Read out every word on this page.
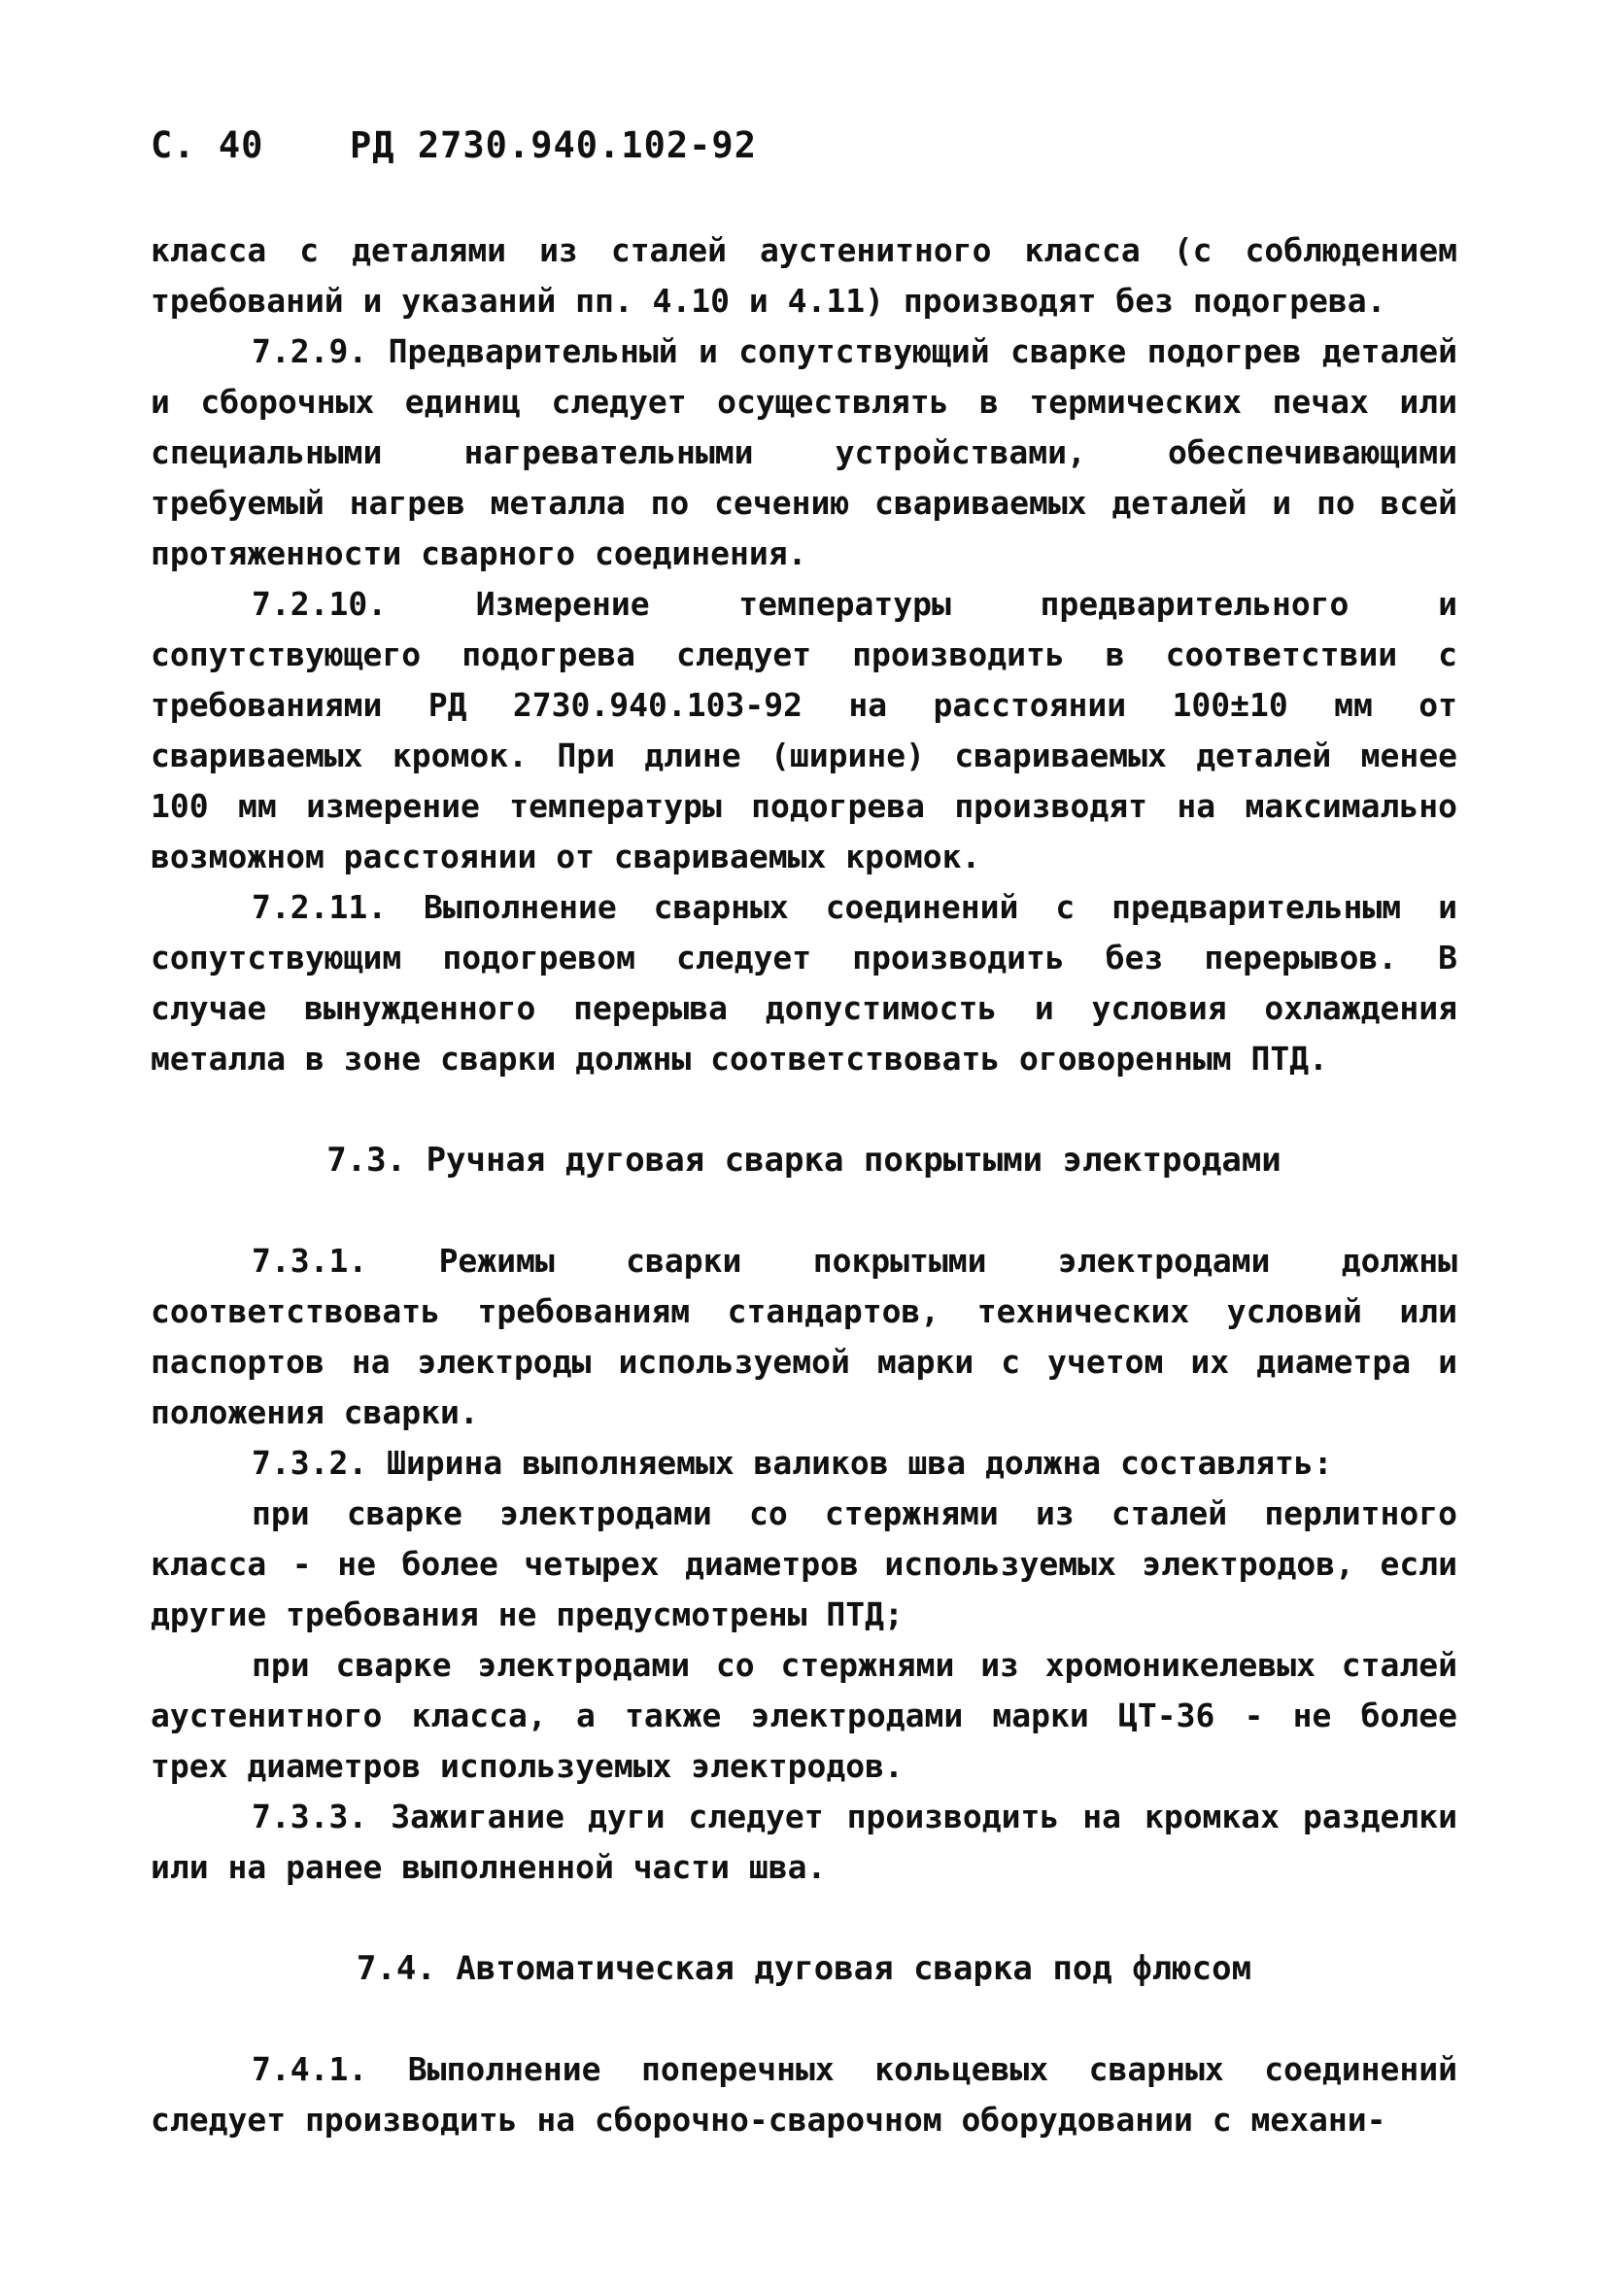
С. 40 РД 2730.940.102-92

класса с деталями из сталей аустенитного класса (с соблюдением требований и указаний пп. 4.10 и 4.11) производят без подогрева.

7.2.9. Предварительный и сопутствующий сварке подогрев деталей и сборочных единиц следует осуществлять в термических печах или специальными нагревательными устройствами, обеспечивающими требуемый нагрев металла по сечению свариваемых деталей и по всей протяженности сварного соединения.

7.2.10. Измерение температуры предварительного и сопутствующего подогрева следует производить в соответствии с требованиями РД 2730.940.103-92 на расстоянии 100±10 мм от свариваемых кромок. При длине (ширине) свариваемых деталей менее 100 мм измерение температуры подогрева производят на максимально возможном расстоянии от свариваемых кромок.

7.2.11. Выполнение сварных соединений с предварительным и сопутствующим подогревом следует производить без перерывов. В случае вынужденного перерыва допустимость и условия охлаждения металла в зоне сварки должны соответствовать оговоренным ПТД.

7.3. Ручная дуговая сварка покрытыми электродами

7.3.1. Режимы сварки покрытыми электродами должны соответствовать требованиям стандартов, технических условий или паспортов на электроды используемой марки с учетом их диаметра и положения сварки.

7.3.2. Ширина выполняемых валиков шва должна составлять:

при сварке электродами со стержнями из сталей перлитного класса - не более четырех диаметров используемых электродов, если другие требования не предусмотрены ПТД;

при сварке электродами со стержнями из хромоникелевых сталей аустенитного класса, а также электродами марки ЦТ-36 - не более трех диаметров используемых электродов.

7.3.3. Зажигание дуги следует производить на кромках разделки или на ранее выполненной части шва.

7.4. Автоматическая дуговая сварка под флюсом

7.4.1. Выполнение поперечных кольцевых сварных соединений следует производить на сборочно-сварочном оборудовании с механи-
